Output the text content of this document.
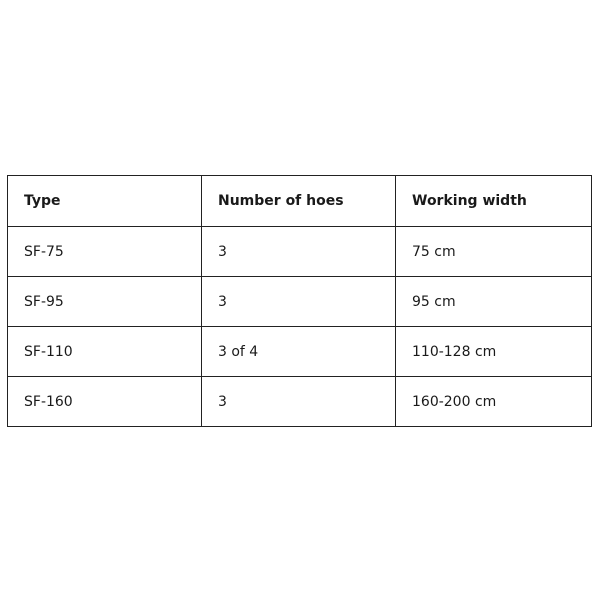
Type	Number of hoes	Working width
SF-75	3	75 cm
SF-95	3	95 cm
SF-110	3 of 4	110-128 cm
SF-160	3	160-200 cm
